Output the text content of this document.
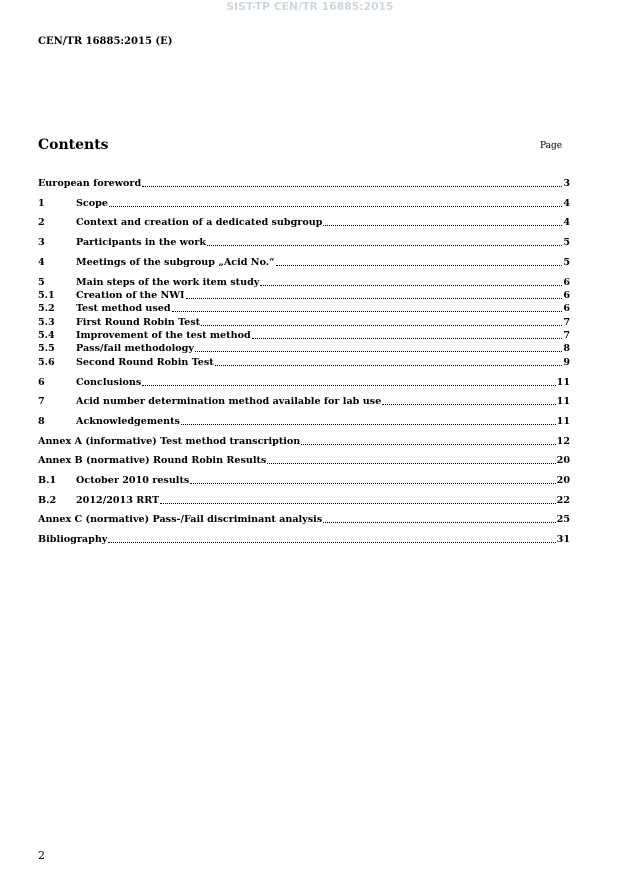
SIST-TP CEN/TR 16885:2015
CEN/TR 16885:2015 (E)
Contents	Page
European foreword	3
1	Scope	4
2	Context and creation of a dedicated subgroup	4
3	Participants in the work	5
4	Meetings of the subgroup „Acid No.“	5
5	Main steps of the work item study	6
5.1	Creation of the NWI	6
5.2	Test method used	6
5.3	First Round Robin Test	7
5.4	Improvement of the test method	7
5.5	Pass/fail methodology	8
5.6	Second Round Robin Test	9
6	Conclusions	11
7	Acid number determination method available for lab use	11
8	Acknowledgements	11
Annex A (informative) Test method transcription	12
Annex B (normative) Round Robin Results	20
B.1	October 2010 results	20
B.2	2012/2013 RRT	22
Annex C (normative) Pass-/Fail discriminant analysis	25
Bibliography	31
2
